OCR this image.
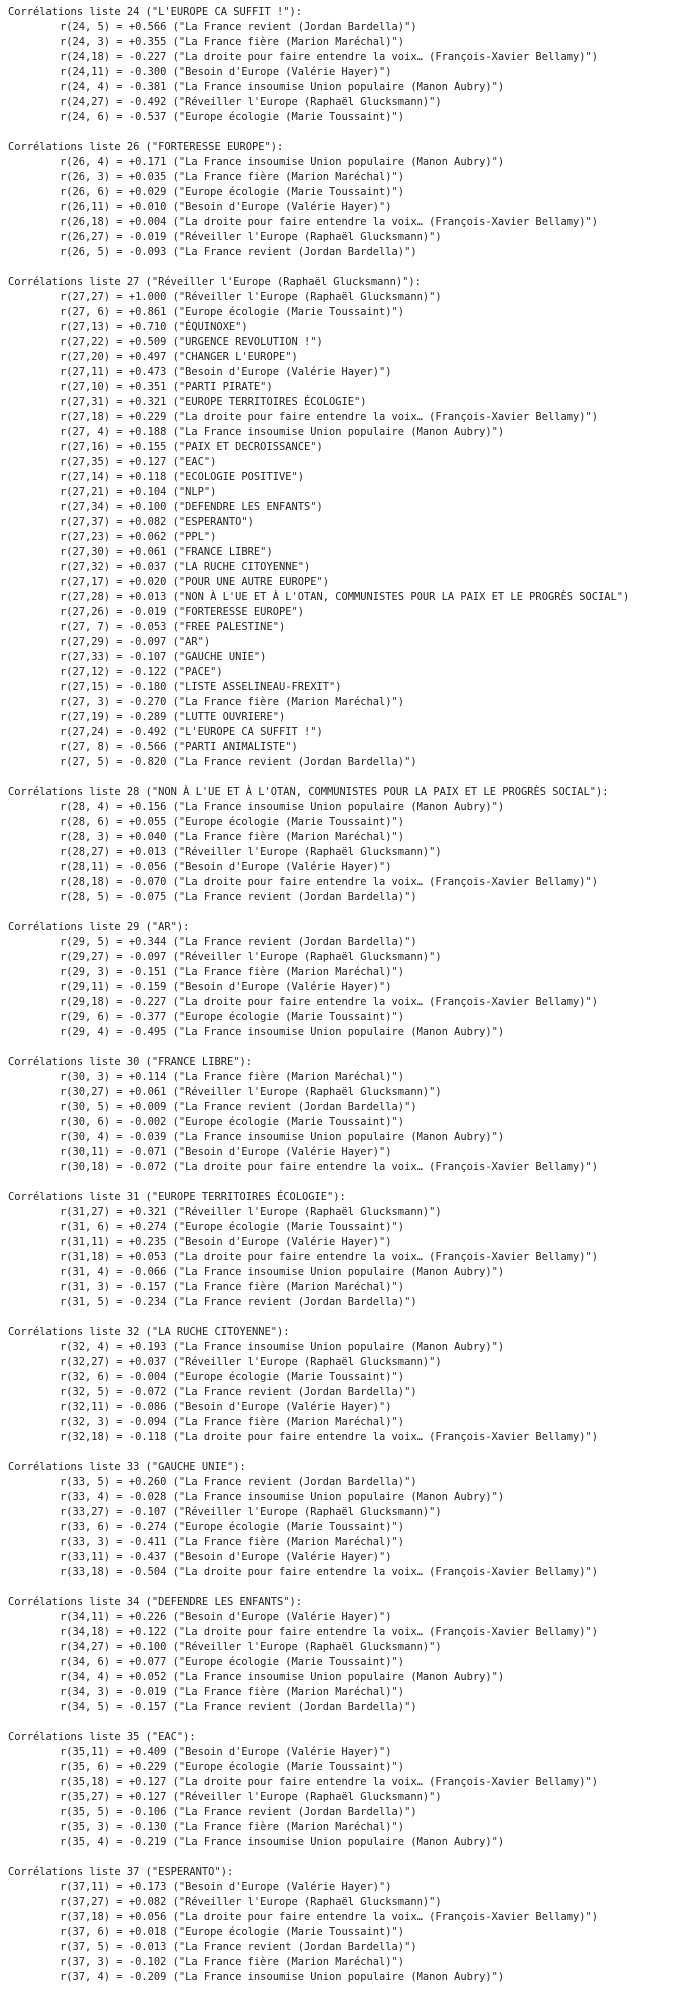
Corrélations liste 24 ("L'EUROPE CA SUFFIT !"):
r(24, 5) = +0.566 ("La France revient (Jordan Bardella)")
r(24, 3) = +0.355 ("La France fière (Marion Maréchal)")
r(24,18) = -0.227 ("La droite pour faire entendre la voix… (François-Xavier Bellamy)")
r(24,11) = -0.300 ("Besoin d'Europe (Valérie Hayer)")
r(24, 4) = -0.381 ("La France insoumise Union populaire (Manon Aubry)")
r(24,27) = -0.492 ("Réveiller l'Europe (Raphaël Glucksmann)")
r(24, 6) = -0.537 ("Europe écologie (Marie Toussaint)")
Corrélations liste 26 ("FORTERESSE EUROPE"):
r(26, 4) = +0.171 ("La France insoumise Union populaire (Manon Aubry)")
r(26, 3) = +0.035 ("La France fière (Marion Maréchal)")
r(26, 6) = +0.029 ("Europe écologie (Marie Toussaint)")
r(26,11) = +0.010 ("Besoin d'Europe (Valérie Hayer)")
r(26,18) = +0.004 ("La droite pour faire entendre la voix… (François-Xavier Bellamy)")
r(26,27) = -0.019 ("Réveiller l'Europe (Raphaël Glucksmann)")
r(26, 5) = -0.093 ("La France revient (Jordan Bardella)")
Corrélations liste 27 ("Réveiller l'Europe (Raphaël Glucksmann)"):
r(27,27) = +1.000 ("Réveiller l'Europe (Raphaël Glucksmann)")
r(27, 6) = +0.861 ("Europe écologie (Marie Toussaint)")
r(27,13) = +0.710 ("ÉQUINOXE")
r(27,22) = +0.509 ("URGENCE REVOLUTION !")
r(27,20) = +0.497 ("CHANGER L'EUROPE")
r(27,11) = +0.473 ("Besoin d'Europe (Valérie Hayer)")
r(27,10) = +0.351 ("PARTI PIRATE")
r(27,31) = +0.321 ("EUROPE TERRITOIRES ÉCOLOGIE")
r(27,18) = +0.229 ("La droite pour faire entendre la voix… (François-Xavier Bellamy)")
r(27, 4) = +0.188 ("La France insoumise Union populaire (Manon Aubry)")
r(27,16) = +0.155 ("PAIX ET DECROISSANCE")
r(27,35) = +0.127 ("EAC")
r(27,14) = +0.118 ("ECOLOGIE POSITIVE")
r(27,21) = +0.104 ("NLP")
r(27,34) = +0.100 ("DEFENDRE LES ENFANTS")
r(27,37) = +0.082 ("ESPERANTO")
r(27,23) = +0.062 ("PPL")
r(27,30) = +0.061 ("FRANCE LIBRE")
r(27,32) = +0.037 ("LA RUCHE CITOYENNE")
r(27,17) = +0.020 ("POUR UNE AUTRE EUROPE")
r(27,28) = +0.013 ("NON À L'UE ET À L'OTAN, COMMUNISTES POUR LA PAIX ET LE PROGRÈS SOCIAL")
r(27,26) = -0.019 ("FORTERESSE EUROPE")
r(27, 7) = -0.053 ("FREE PALESTINE")
r(27,29) = -0.097 ("AR")
r(27,33) = -0.107 ("GAUCHE UNIE")
r(27,12) = -0.122 ("PACE")
r(27,15) = -0.180 ("LISTE ASSELINEAU-FREXIT")
r(27, 3) = -0.270 ("La France fière (Marion Maréchal)")
r(27,19) = -0.289 ("LUTTE OUVRIERE")
r(27,24) = -0.492 ("L'EUROPE CA SUFFIT !")
r(27, 8) = -0.566 ("PARTI ANIMALISTE")
r(27, 5) = -0.820 ("La France revient (Jordan Bardella)")
Corrélations liste 28 ("NON À L'UE ET À L'OTAN, COMMUNISTES POUR LA PAIX ET LE PROGRÈS SOCIAL"):
r(28, 4) = +0.156 ("La France insoumise Union populaire (Manon Aubry)")
r(28, 6) = +0.055 ("Europe écologie (Marie Toussaint)")
r(28, 3) = +0.040 ("La France fière (Marion Maréchal)")
r(28,27) = +0.013 ("Réveiller l'Europe (Raphaël Glucksmann)")
r(28,11) = -0.056 ("Besoin d'Europe (Valérie Hayer)")
r(28,18) = -0.070 ("La droite pour faire entendre la voix… (François-Xavier Bellamy)")
r(28, 5) = -0.075 ("La France revient (Jordan Bardella)")
Corrélations liste 29 ("AR"):
r(29, 5) = +0.344 ("La France revient (Jordan Bardella)")
r(29,27) = -0.097 ("Réveiller l'Europe (Raphaël Glucksmann)")
r(29, 3) = -0.151 ("La France fière (Marion Maréchal)")
r(29,11) = -0.159 ("Besoin d'Europe (Valérie Hayer)")
r(29,18) = -0.227 ("La droite pour faire entendre la voix… (François-Xavier Bellamy)")
r(29, 6) = -0.377 ("Europe écologie (Marie Toussaint)")
r(29, 4) = -0.495 ("La France insoumise Union populaire (Manon Aubry)")
Corrélations liste 30 ("FRANCE LIBRE"):
r(30, 3) = +0.114 ("La France fière (Marion Maréchal)")
r(30,27) = +0.061 ("Réveiller l'Europe (Raphaël Glucksmann)")
r(30, 5) = +0.009 ("La France revient (Jordan Bardella)")
r(30, 6) = -0.002 ("Europe écologie (Marie Toussaint)")
r(30, 4) = -0.039 ("La France insoumise Union populaire (Manon Aubry)")
r(30,11) = -0.071 ("Besoin d'Europe (Valérie Hayer)")
r(30,18) = -0.072 ("La droite pour faire entendre la voix… (François-Xavier Bellamy)")
Corrélations liste 31 ("EUROPE TERRITOIRES ÉCOLOGIE"):
r(31,27) = +0.321 ("Réveiller l'Europe (Raphaël Glucksmann)")
r(31, 6) = +0.274 ("Europe écologie (Marie Toussaint)")
r(31,11) = +0.235 ("Besoin d'Europe (Valérie Hayer)")
r(31,18) = +0.053 ("La droite pour faire entendre la voix… (François-Xavier Bellamy)")
r(31, 4) = -0.066 ("La France insoumise Union populaire (Manon Aubry)")
r(31, 3) = -0.157 ("La France fière (Marion Maréchal)")
r(31, 5) = -0.234 ("La France revient (Jordan Bardella)")
Corrélations liste 32 ("LA RUCHE CITOYENNE"):
r(32, 4) = +0.193 ("La France insoumise Union populaire (Manon Aubry)")
r(32,27) = +0.037 ("Réveiller l'Europe (Raphaël Glucksmann)")
r(32, 6) = -0.004 ("Europe écologie (Marie Toussaint)")
r(32, 5) = -0.072 ("La France revient (Jordan Bardella)")
r(32,11) = -0.086 ("Besoin d'Europe (Valérie Hayer)")
r(32, 3) = -0.094 ("La France fière (Marion Maréchal)")
r(32,18) = -0.118 ("La droite pour faire entendre la voix… (François-Xavier Bellamy)")
Corrélations liste 33 ("GAUCHE UNIE"):
r(33, 5) = +0.260 ("La France revient (Jordan Bardella)")
r(33, 4) = -0.028 ("La France insoumise Union populaire (Manon Aubry)")
r(33,27) = -0.107 ("Réveiller l'Europe (Raphaël Glucksmann)")
r(33, 6) = -0.274 ("Europe écologie (Marie Toussaint)")
r(33, 3) = -0.411 ("La France fière (Marion Maréchal)")
r(33,11) = -0.437 ("Besoin d'Europe (Valérie Hayer)")
r(33,18) = -0.504 ("La droite pour faire entendre la voix… (François-Xavier Bellamy)")
Corrélations liste 34 ("DEFENDRE LES ENFANTS"):
r(34,11) = +0.226 ("Besoin d'Europe (Valérie Hayer)")
r(34,18) = +0.122 ("La droite pour faire entendre la voix… (François-Xavier Bellamy)")
r(34,27) = +0.100 ("Réveiller l'Europe (Raphaël Glucksmann)")
r(34, 6) = +0.077 ("Europe écologie (Marie Toussaint)")
r(34, 4) = +0.052 ("La France insoumise Union populaire (Manon Aubry)")
r(34, 3) = -0.019 ("La France fière (Marion Maréchal)")
r(34, 5) = -0.157 ("La France revient (Jordan Bardella)")
Corrélations liste 35 ("EAC"):
r(35,11) = +0.409 ("Besoin d'Europe (Valérie Hayer)")
r(35, 6) = +0.229 ("Europe écologie (Marie Toussaint)")
r(35,18) = +0.127 ("La droite pour faire entendre la voix… (François-Xavier Bellamy)")
r(35,27) = +0.127 ("Réveiller l'Europe (Raphaël Glucksmann)")
r(35, 5) = -0.106 ("La France revient (Jordan Bardella)")
r(35, 3) = -0.130 ("La France fière (Marion Maréchal)")
r(35, 4) = -0.219 ("La France insoumise Union populaire (Manon Aubry)")
Corrélations liste 37 ("ESPERANTO"):
r(37,11) = +0.173 ("Besoin d'Europe (Valérie Hayer)")
r(37,27) = +0.082 ("Réveiller l'Europe (Raphaël Glucksmann)")
r(37,18) = +0.056 ("La droite pour faire entendre la voix… (François-Xavier Bellamy)")
r(37, 6) = +0.018 ("Europe écologie (Marie Toussaint)")
r(37, 5) = -0.013 ("La France revient (Jordan Bardella)")
r(37, 3) = -0.102 ("La France fière (Marion Maréchal)")
r(37, 4) = -0.209 ("La France insoumise Union populaire (Manon Aubry)")
